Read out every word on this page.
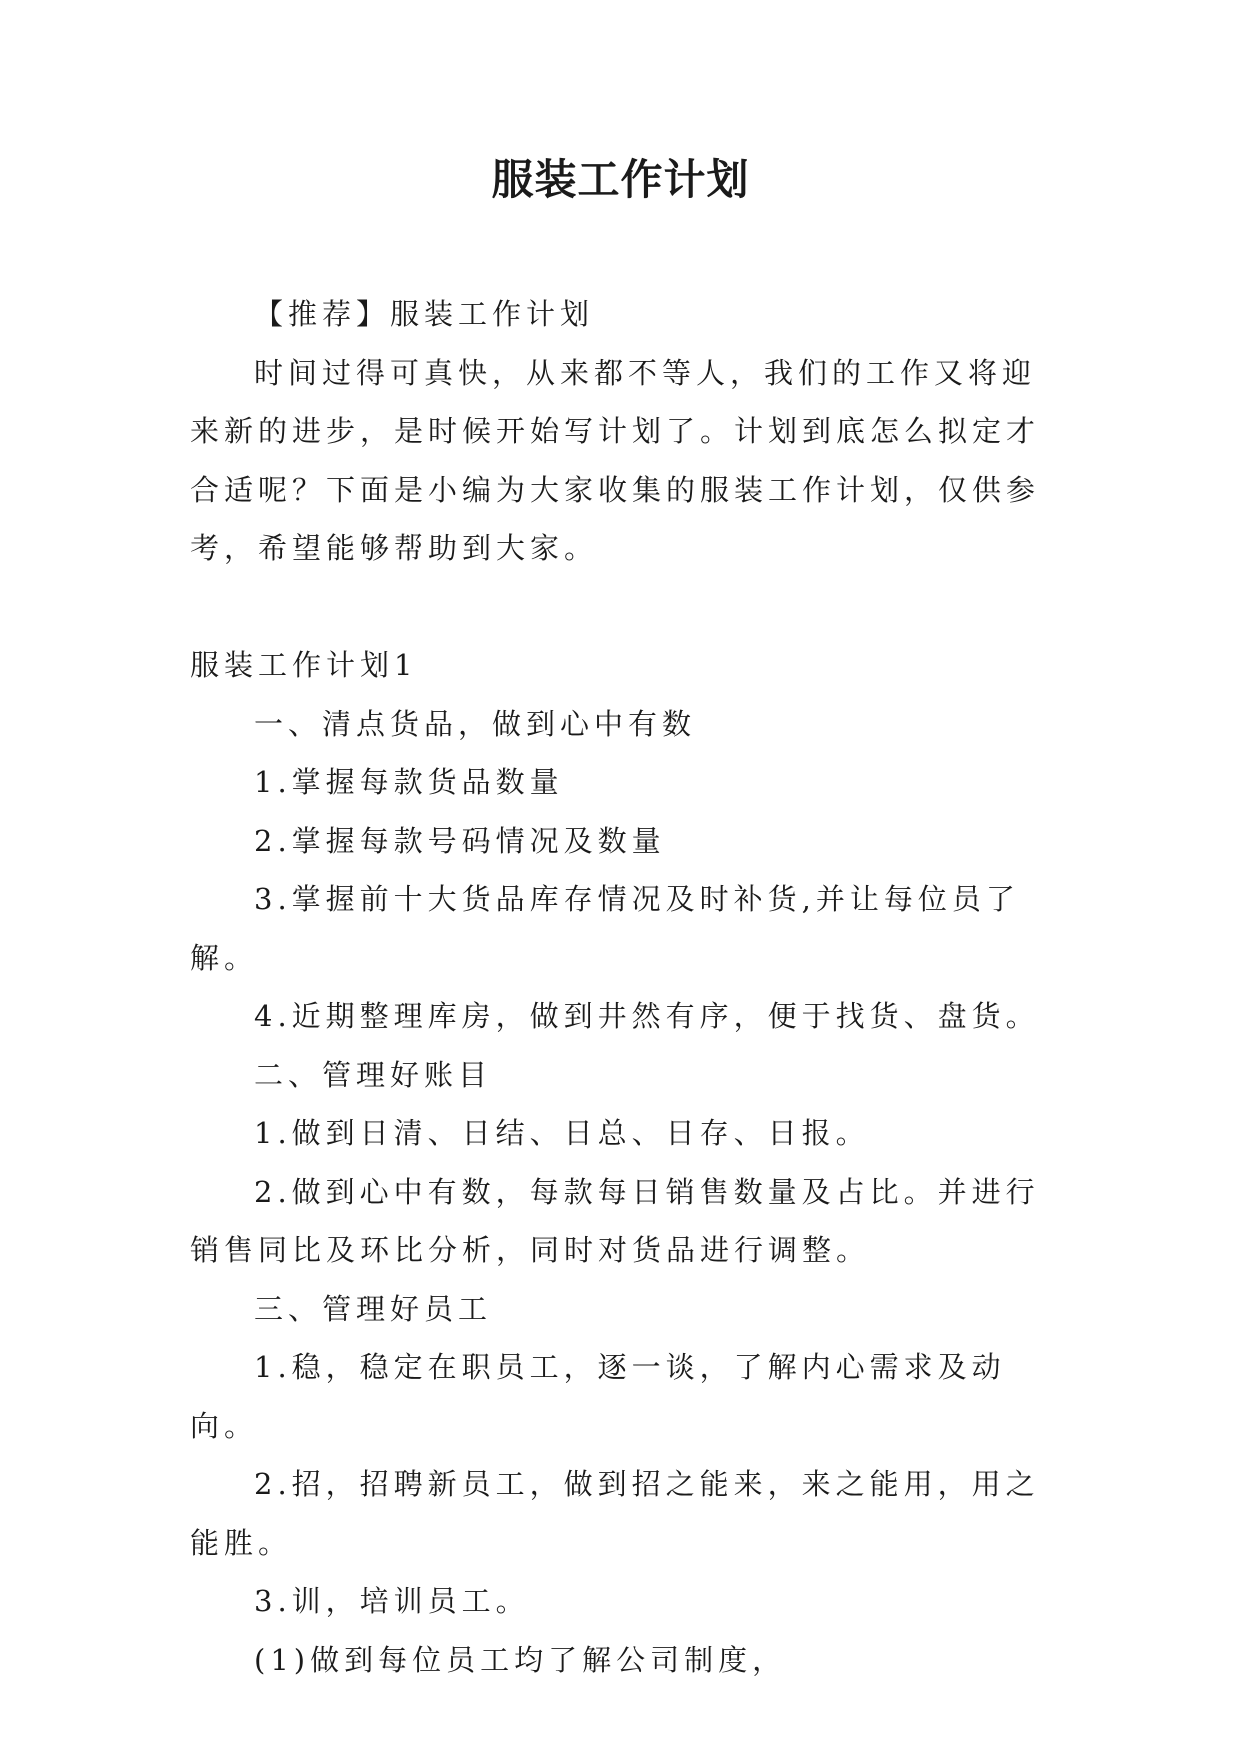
服装工作计划

【推荐】服装工作计划

时间过得可真快，从来都不等人，我们的工作又将迎来新的进步，是时候开始写计划了。计划到底怎么拟定才合适呢？下面是小编为大家收集的服装工作计划，仅供参考，希望能够帮助到大家。

服装工作计划1

一、清点货品，做到心中有数

1.掌握每款货品数量

2.掌握每款号码情况及数量

3.掌握前十大货品库存情况及时补货,并让每位员了解。

4.近期整理库房，做到井然有序，便于找货、盘货。

二、管理好账目

1.做到日清、日结、日总、日存、日报。

2.做到心中有数，每款每日销售数量及占比。并进行销售同比及环比分析，同时对货品进行调整。

三、管理好员工

1.稳，稳定在职员工，逐一谈，了解内心需求及动向。

2.招，招聘新员工，做到招之能来，来之能用，用之能胜。

3.训，培训员工。

(1)做到每位员工均了解公司制度，
